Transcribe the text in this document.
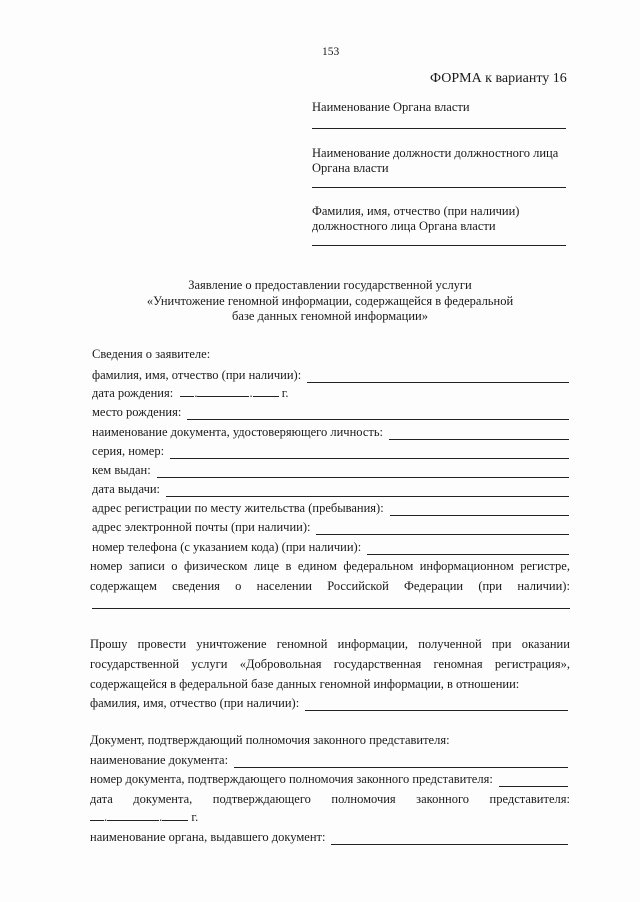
153
ФОРМА к варианту 16
Наименование Органа власти
Наименование должности должностного лица
Органа власти
Фамилия, имя, отчество (при наличии)
должностного лица Органа власти
Заявление о предоставлении государственной услуги
«Уничтожение геномной информации, содержащейся в федеральной
базе данных геномной информации»
Сведения о заявителе:
фамилия, имя, отчество (при наличии):
дата рождения: .	. г.
место рождения:
наименование документа, удостоверяющего личность:
серия, номер:
кем выдан:
дата выдачи:
адрес регистрации по месту жительства (пребывания):
адрес электронной почты (при наличии):
номер телефона (с указанием кода) (при наличии):
номер записи о физическом лице в едином федеральном информационном регистре,
содержащем сведения о населении Российской Федерации (при наличии):
Прошу провести уничтожение геномной информации, полученной при оказании
государственной услуги «Добровольная государственная геномная регистрация»,
содержащейся в федеральной базе данных геномной информации, в отношении:
фамилия, имя, отчество (при наличии):
Документ, подтверждающий полномочия законного представителя:
наименование документа:
номер документа, подтверждающего полномочия законного представителя:
дата документа, подтверждающего полномочия законного представителя:
.	. г.
наименование органа, выдавшего документ:
